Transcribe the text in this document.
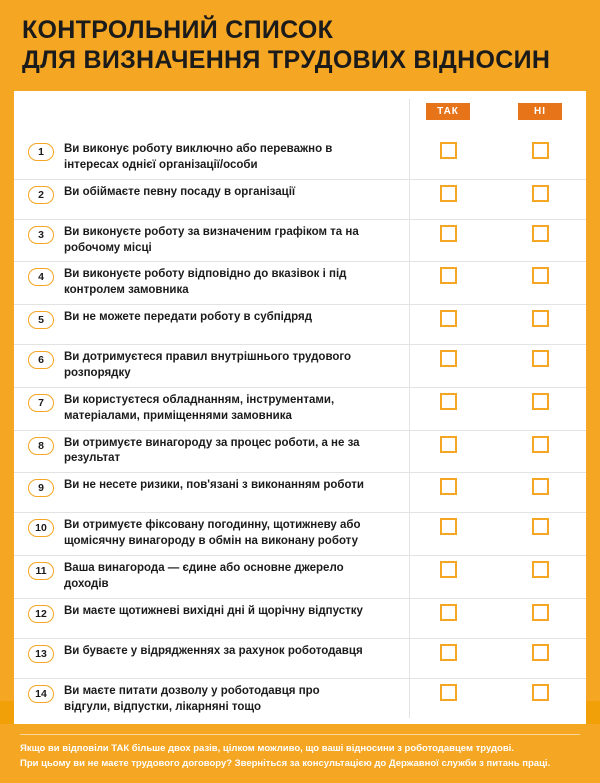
КОНТРОЛЬНИЙ СПИСОК
ДЛЯ ВИЗНАЧЕННЯ ТРУДОВИХ ВІДНОСИН
ТАК	НІ
1	Ви виконує роботу виключно або переважно в інтересах однієї організації/особи
2	Ви обіймаєте певну посаду в організації
3	Ви виконуєте роботу за визначеним графіком та на робочому місці
4	Ви виконуєте роботу відповідно до вказівок і під контролем замовника
5	Ви не можете передати роботу в субпідряд
6	Ви дотримуєтеся правил внутрішнього трудового розпорядку
7	Ви користуєтеся обладнанням, інструментами, матеріалами, приміщеннями замовника
8	Ви отримуєте винагороду за процес роботи, а не за результат
9	Ви не несете ризики, пов'язані з виконанням роботи
10	Ви отримуєте фіксовану погодинну, щотижневу або щомісячну винагороду в обмін на виконану роботу
11	Ваша винагорода — єдине або основне джерело доходів
12	Ви маєте щотижневі вихідні дні й щорічну відпустку
13	Ви буваєте у відрядженнях за рахунок роботодавця
14	Ви маєте питати дозволу у роботодавця про відгули, відпустки, лікарняні тощо
Якщо ви відповіли ТАК більше двох разів, цілком можливо, що ваші відносини з роботодавцем трудові.
При цьому ви не маєте трудового договору? Зверніться за консультацією до Державної служби з питань праці.
